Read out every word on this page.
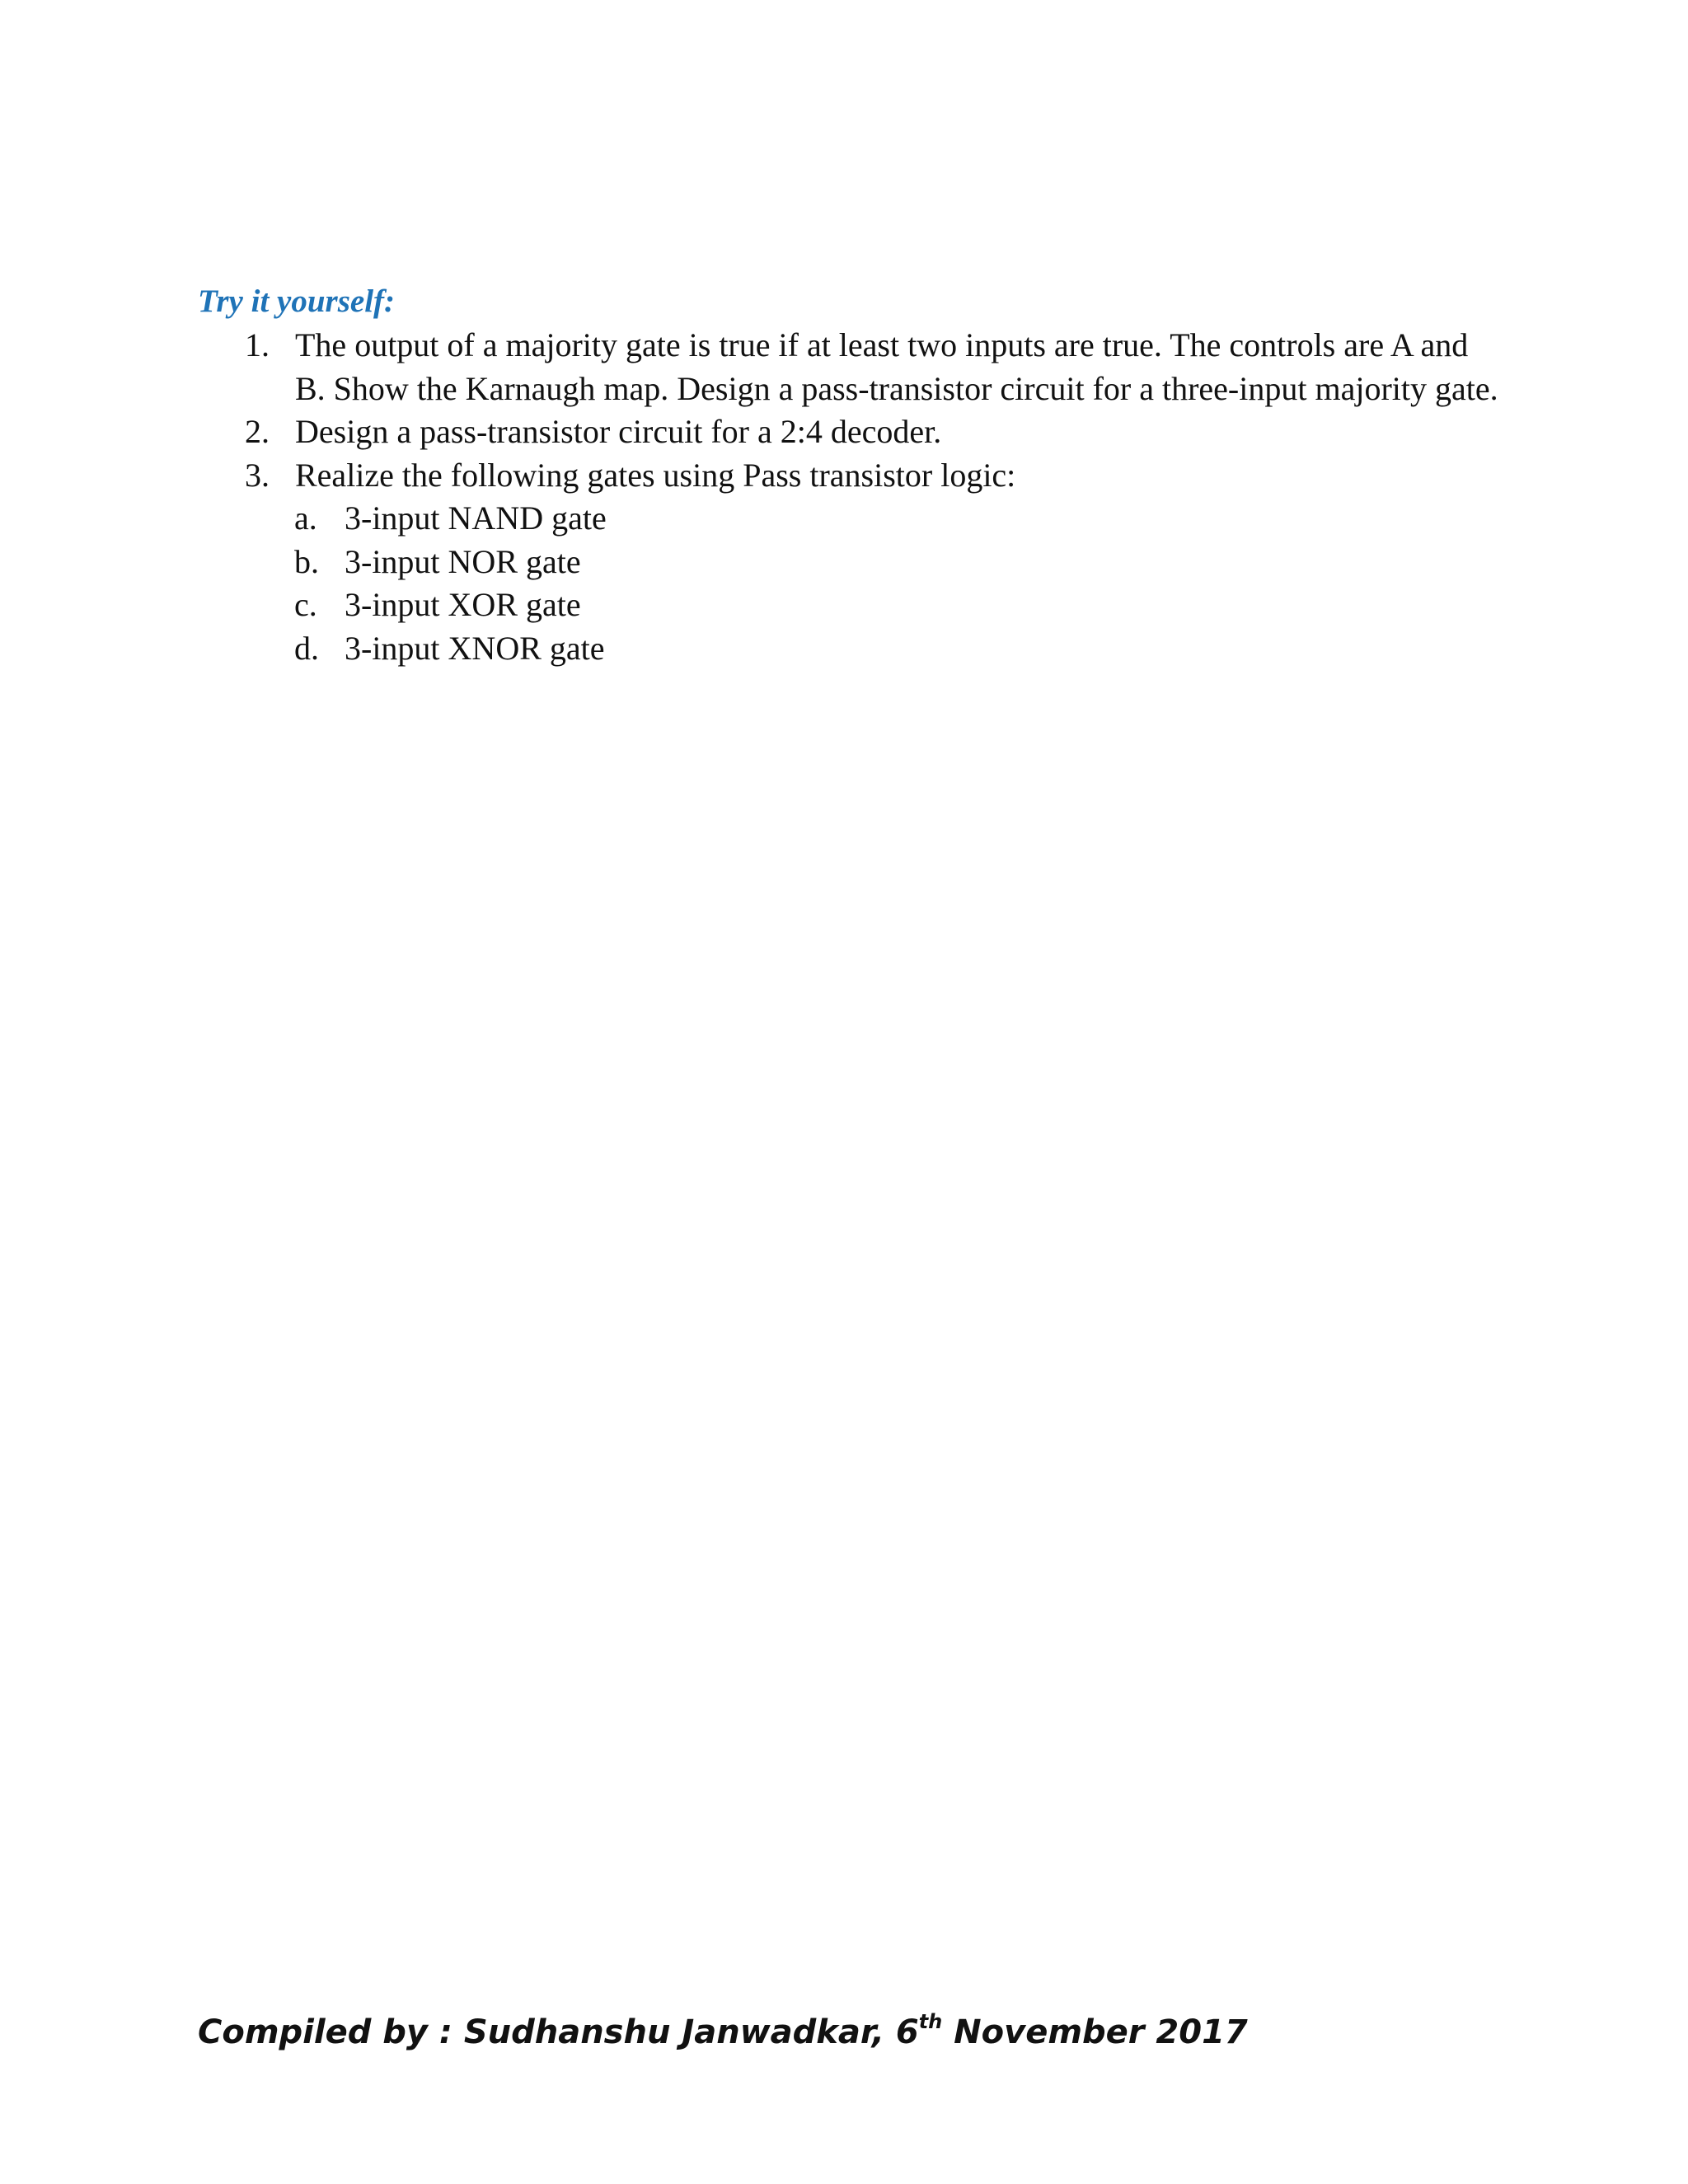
Try it yourself:
1. The output of a majority gate is true if at least two inputs are true. The controls are A and
B. Show the Karnaugh map. Design a pass-transistor circuit for a three-input majority gate.
2. Design a pass-transistor circuit for a 2:4 decoder.
3. Realize the following gates using Pass transistor logic:
a. 3-input NAND gate
b. 3-input NOR gate
c. 3-input XOR gate
d. 3-input XNOR gate
Compiled by : Sudhanshu Janwadkar, 6th November 2017
